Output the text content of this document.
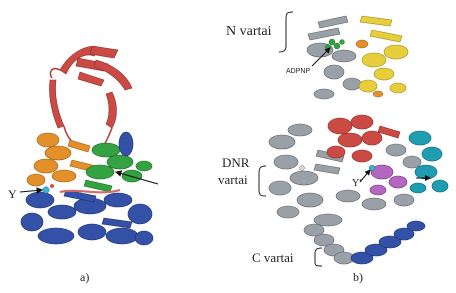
Y
a)
N vartai
ADPNP
DNR
vartai	Y'
C vartai
b)
